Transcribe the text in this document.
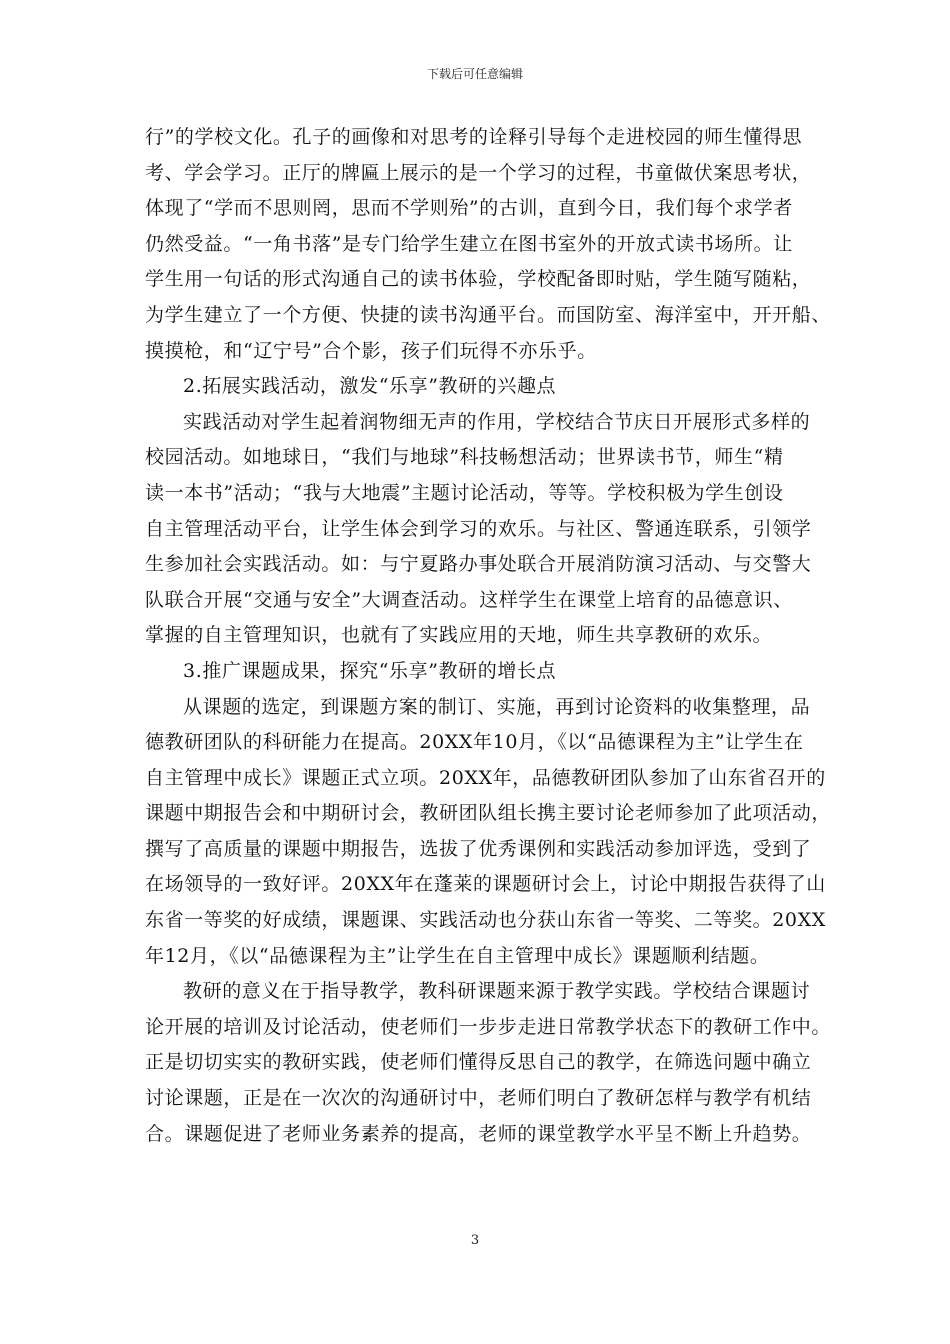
下载后可任意编辑
行”的学校文化。孔子的画像和对思考的诠释引导每个走进校园的师生懂得思
考、学会学习。正厅的牌匾上展示的是一个学习的过程，书童做伏案思考状，
体现了“学而不思则罔，思而不学则殆”的古训，直到今日，我们每个求学者
仍然受益。“一角书落”是专门给学生建立在图书室外的开放式读书场所。让
学生用一句话的形式沟通自己的读书体验，学校配备即时贴，学生随写随粘，
为学生建立了一个方便、快捷的读书沟通平台。而国防室、海洋室中，开开船、
摸摸枪，和“辽宁号”合个影，孩子们玩得不亦乐乎。
2.拓展实践活动，激发“乐享”教研的兴趣点
实践活动对学生起着润物细无声的作用，学校结合节庆日开展形式多样的
校园活动。如地球日，“我们与地球”科技畅想活动；世界读书节，师生“精
读一本书”活动；“我与大地震”主题讨论活动，等等。学校积极为学生创设
自主管理活动平台，让学生体会到学习的欢乐。与社区、警通连联系，引领学
生参加社会实践活动。如：与宁夏路办事处联合开展消防演习活动、与交警大
队联合开展“交通与安全”大调查活动。这样学生在课堂上培育的品德意识、
掌握的自主管理知识，也就有了实践应用的天地，师生共享教研的欢乐。
3.推广课题成果，探究“乐享”教研的增长点
从课题的选定，到课题方案的制订、实施，再到讨论资料的收集整理，品
德教研团队的科研能力在提高。20XX年10月，《以“品德课程为主”让学生在
自主管理中成长》课题正式立项。20XX年，品德教研团队参加了山东省召开的
课题中期报告会和中期研讨会，教研团队组长携主要讨论老师参加了此项活动，
撰写了高质量的课题中期报告，选拔了优秀课例和实践活动参加评选，受到了
在场领导的一致好评。20XX年在蓬莱的课题研讨会上，讨论中期报告获得了山
东省一等奖的好成绩，课题课、实践活动也分获山东省一等奖、二等奖。20XX
年12月，《以“品德课程为主”让学生在自主管理中成长》课题顺利结题。
教研的意义在于指导教学，教科研课题来源于教学实践。学校结合课题讨
论开展的培训及讨论活动，使老师们一步步走进日常教学状态下的教研工作中。
正是切切实实的教研实践，使老师们懂得反思自己的教学，在筛选问题中确立
讨论课题，正是在一次次的沟通研讨中，老师们明白了教研怎样与教学有机结
合。课题促进了老师业务素养的提高，老师的课堂教学水平呈不断上升趋势。
3
